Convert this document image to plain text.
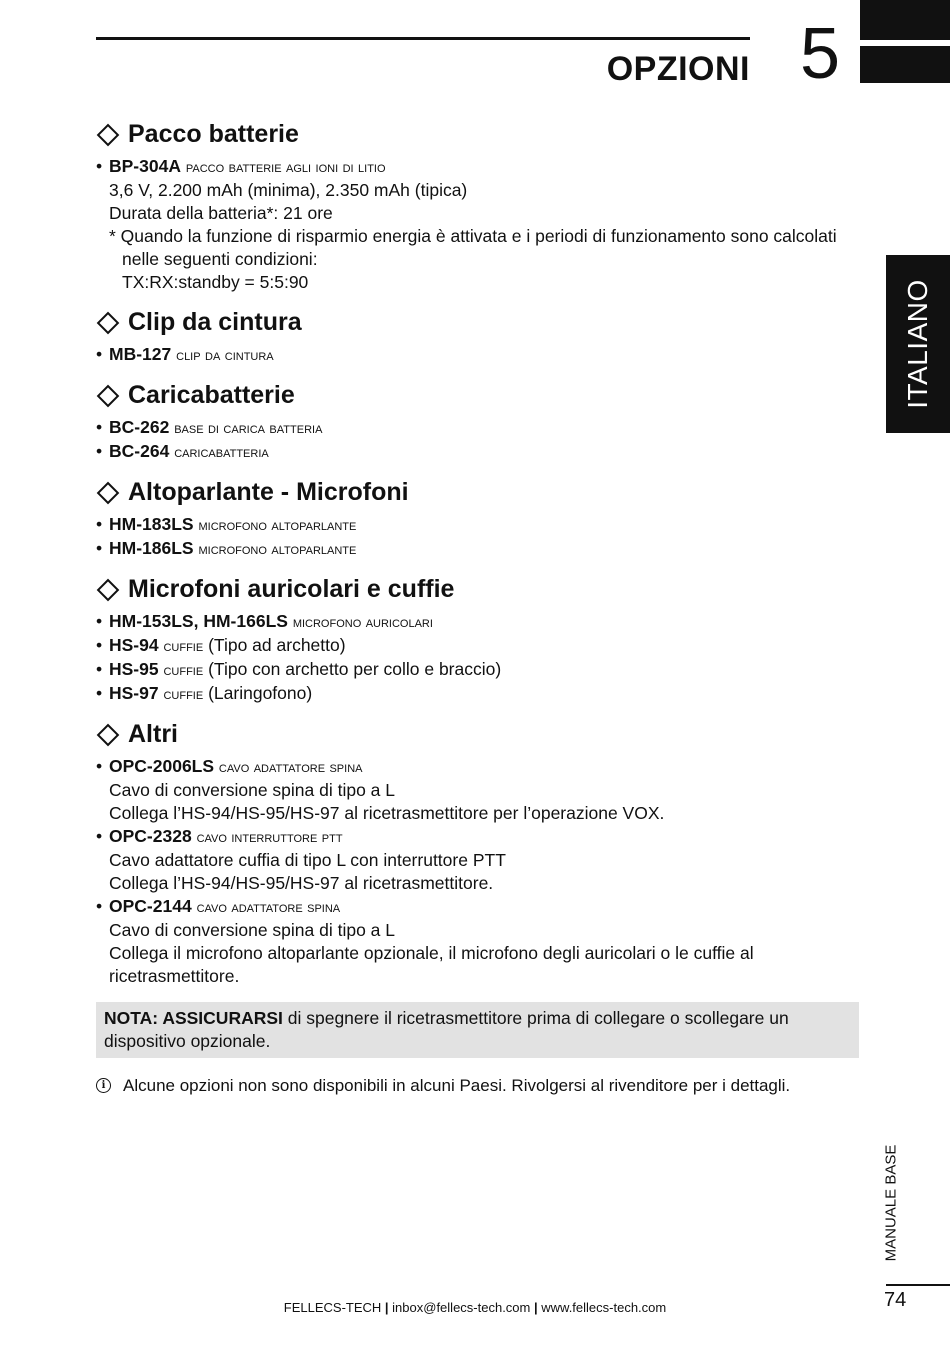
OPZIONI 5
ITALIANO
Pacco batterie
• BP-304A pacco batterie agli ioni di litio
3,6 V, 2.200 mAh (minima), 2.350 mAh (tipica)
Durata della batteria*: 21 ore
* Quando la funzione di risparmio energia è attivata e i periodi di funzionamento sono calcolati nelle seguenti condizioni:
TX:RX:standby = 5:5:90
Clip da cintura
• MB-127 clip da cintura
Caricabatterie
• BC-262 base di carica batteria
• BC-264 caricabatteria
Altoparlante - Microfoni
• HM-183LS microfono altoparlante
• HM-186LS microfono altoparlante
Microfoni auricolari e cuffie
• HM-153LS, HM-166LS microfono auricolari
• HS-94 cuffie (Tipo ad archetto)
• HS-95 cuffie (Tipo con archetto per collo e braccio)
• HS-97 cuffie (Laringofono)
Altri
• OPC-2006LS cavo adattatore spina
Cavo di conversione spina di tipo a L
Collega l’HS-94/HS-95/HS-97 al ricetrasmettitore per l’operazione VOX.
• OPC-2328 cavo interruttore ptt
Cavo adattatore cuffia di tipo L con interruttore PTT
Collega l’HS-94/HS-95/HS-97 al ricetrasmettitore.
• OPC-2144 cavo adattatore spina
Cavo di conversione spina di tipo a L
Collega il microfono altoparlante opzionale, il microfono degli auricolari o le cuffie al ricetrasmettitore.
NOTA: ASSICURARSI di spegnere il ricetrasmettitore prima di collegare o scollegare un dispositivo opzionale.
i	Alcune opzioni non sono disponibili in alcuni Paesi. Rivolgersi al rivenditore per i dettagli.
MANUALE BASE
74
FELLECS-TECH | inbox@fellecs-tech.com | www.fellecs-tech.com
